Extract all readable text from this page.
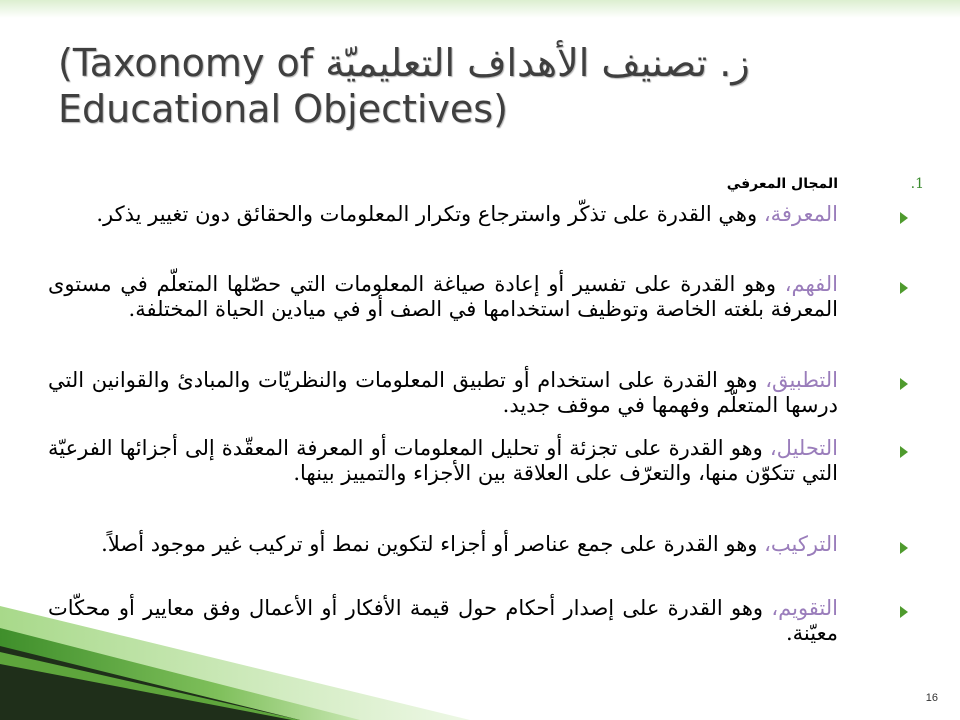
(Taxonomy of ز. تصنيف الأهداف التعليميّة
Educational Objectives)
.1

المجال المعرفي

المعرفة، وهي القدرة على تذكّر واسترجاع وتكرار المعلومات والحقائق دون تغيير يذكر.

الفهم، وهو القدرة على تفسير أو إعادة صياغة المعلومات التي حصّلها المتعلّم في مستوى المعرفة بلغته الخاصة وتوظيف استخدامها في الصف أو في ميادين الحياة المختلفة.

التطبيق، وهو القدرة على استخدام أو تطبيق المعلومات والنظريّات والمبادئ والقوانين التي درسها المتعلّم وفهمها في موقف جديد.

التحليل، وهو القدرة على تجزئة أو تحليل المعلومات أو المعرفة المعقّدة إلى أجزائها الفرعيّة التي تتكوّن منها، والتعرّف على العلاقة بين الأجزاء والتمييز بينها.

التركيب، وهو القدرة على جمع عناصر أو أجزاء لتكوين نمط أو تركيب غير موجود أصلاً.

التقويم، وهو القدرة على إصدار أحكام حول قيمة الأفكار أو الأعمال وفق معايير أو محكّات معيّنة.

16
